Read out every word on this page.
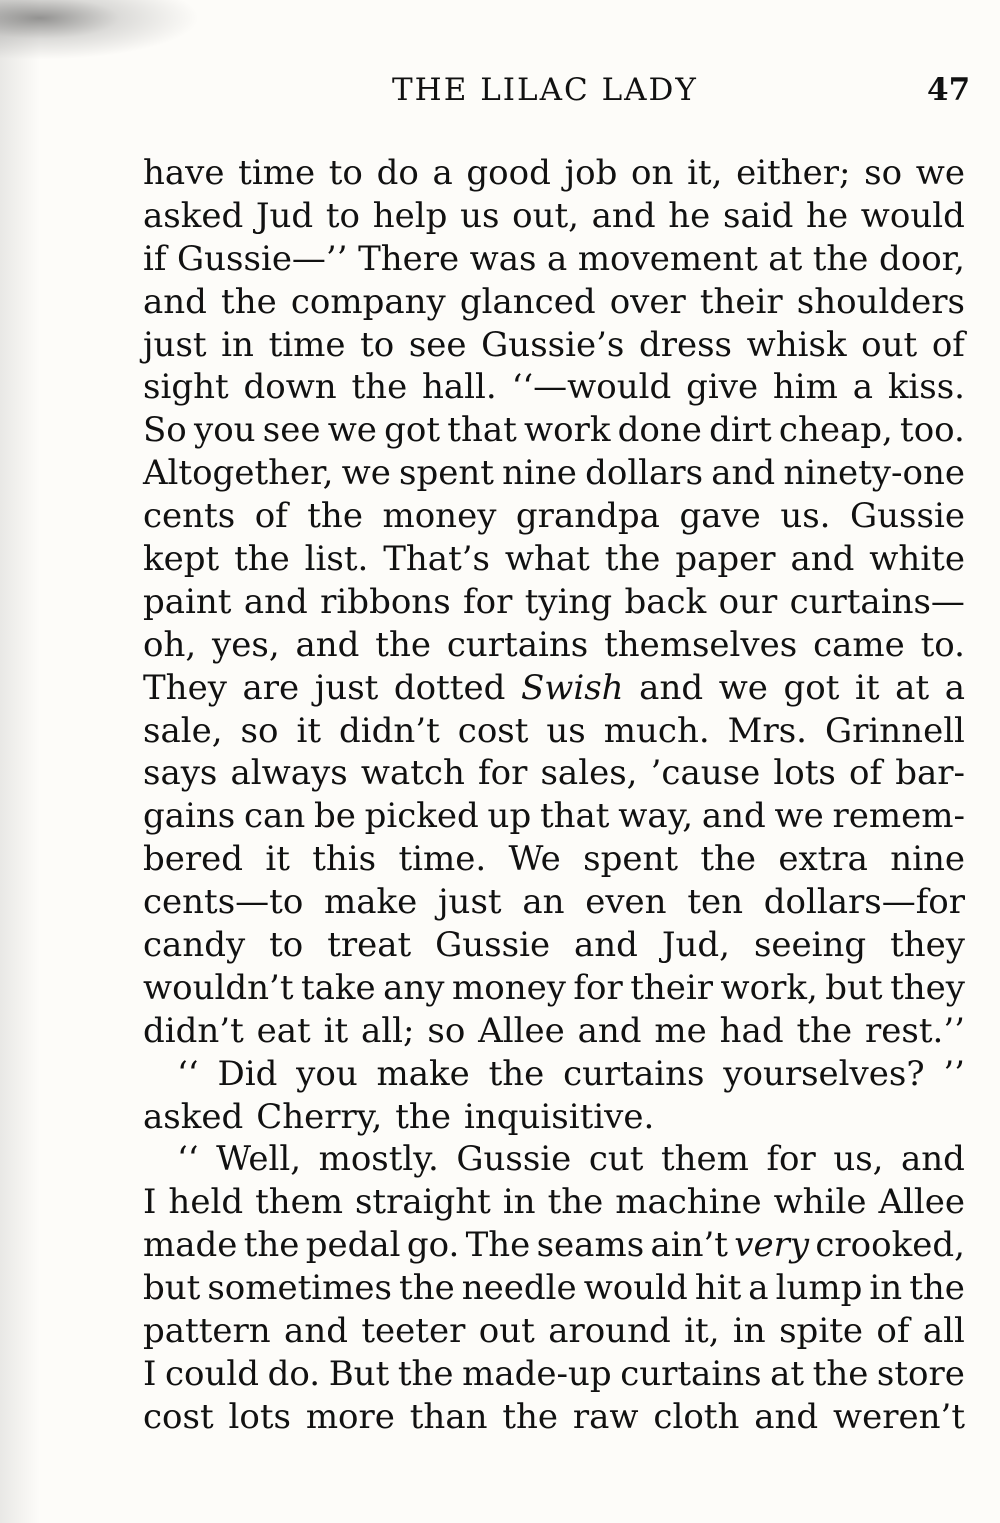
THE LILAC LADY	47
have time to do a good job on it, either; so we
asked Jud to help us out, and he said he would
if Gussie—’’ There was a movement at the door,
and the company glanced over their shoulders
just in time to see Gussie’s dress whisk out of
sight down the hall. ‘‘—would give him a kiss.
So you see we got that work done dirt cheap, too.
Altogether, we spent nine dollars and ninety-one
cents of the money grandpa gave us. Gussie
kept the list. That’s what the paper and white
paint and ribbons for tying back our curtains—
oh, yes, and the curtains themselves came to.
They are just dotted Swish and we got it at a
sale, so it didn’t cost us much. Mrs. Grinnell
says always watch for sales, ’cause lots of bar-
gains can be picked up that way, and we remem-
bered it this time. We spent the extra nine
cents—to make just an even ten dollars—for
candy to treat Gussie and Jud, seeing they
wouldn’t take any money for their work, but they
didn’t eat it all; so Allee and me had the rest.’’
‘‘ Did you make the curtains yourselves? ’’
asked Cherry, the inquisitive.
‘‘ Well, mostly. Gussie cut them for us, and
I held them straight in the machine while Allee
made the pedal go. The seams ain’t very crooked,
but sometimes the needle would hit a lump in the
pattern and teeter out around it, in spite of all
I could do. But the made-up curtains at the store
cost lots more than the raw cloth and weren’t
